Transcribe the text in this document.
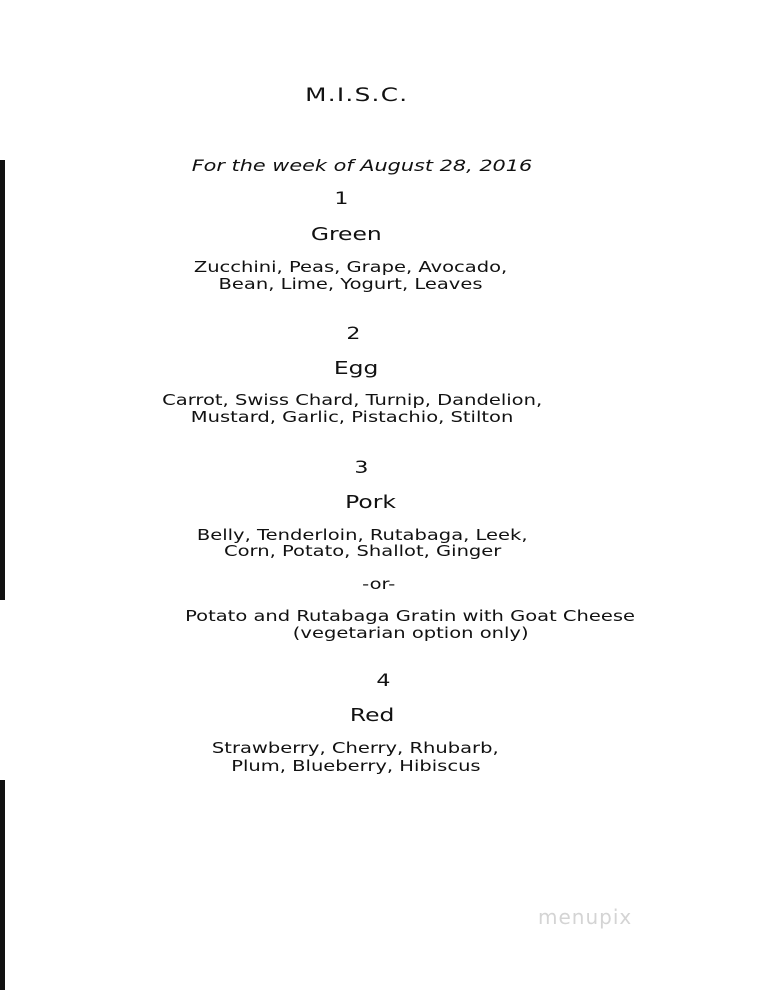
M.I.S.C.
For the week of August 28, 2016
1
Green
Zucchini, Peas, Grape, Avocado,
Bean, Lime, Yogurt, Leaves
2
Egg
Carrot, Swiss Chard, Turnip, Dandelion,
Mustard, Garlic, Pistachio, Stilton
3
Pork
Belly, Tenderloin, Rutabaga, Leek,
Corn, Potato, Shallot, Ginger
-or-
Potato and Rutabaga Gratin with Goat Cheese
(vegetarian option only)
4
Red
Strawberry, Cherry, Rhubarb,
Plum, Blueberry, Hibiscus
menupix
